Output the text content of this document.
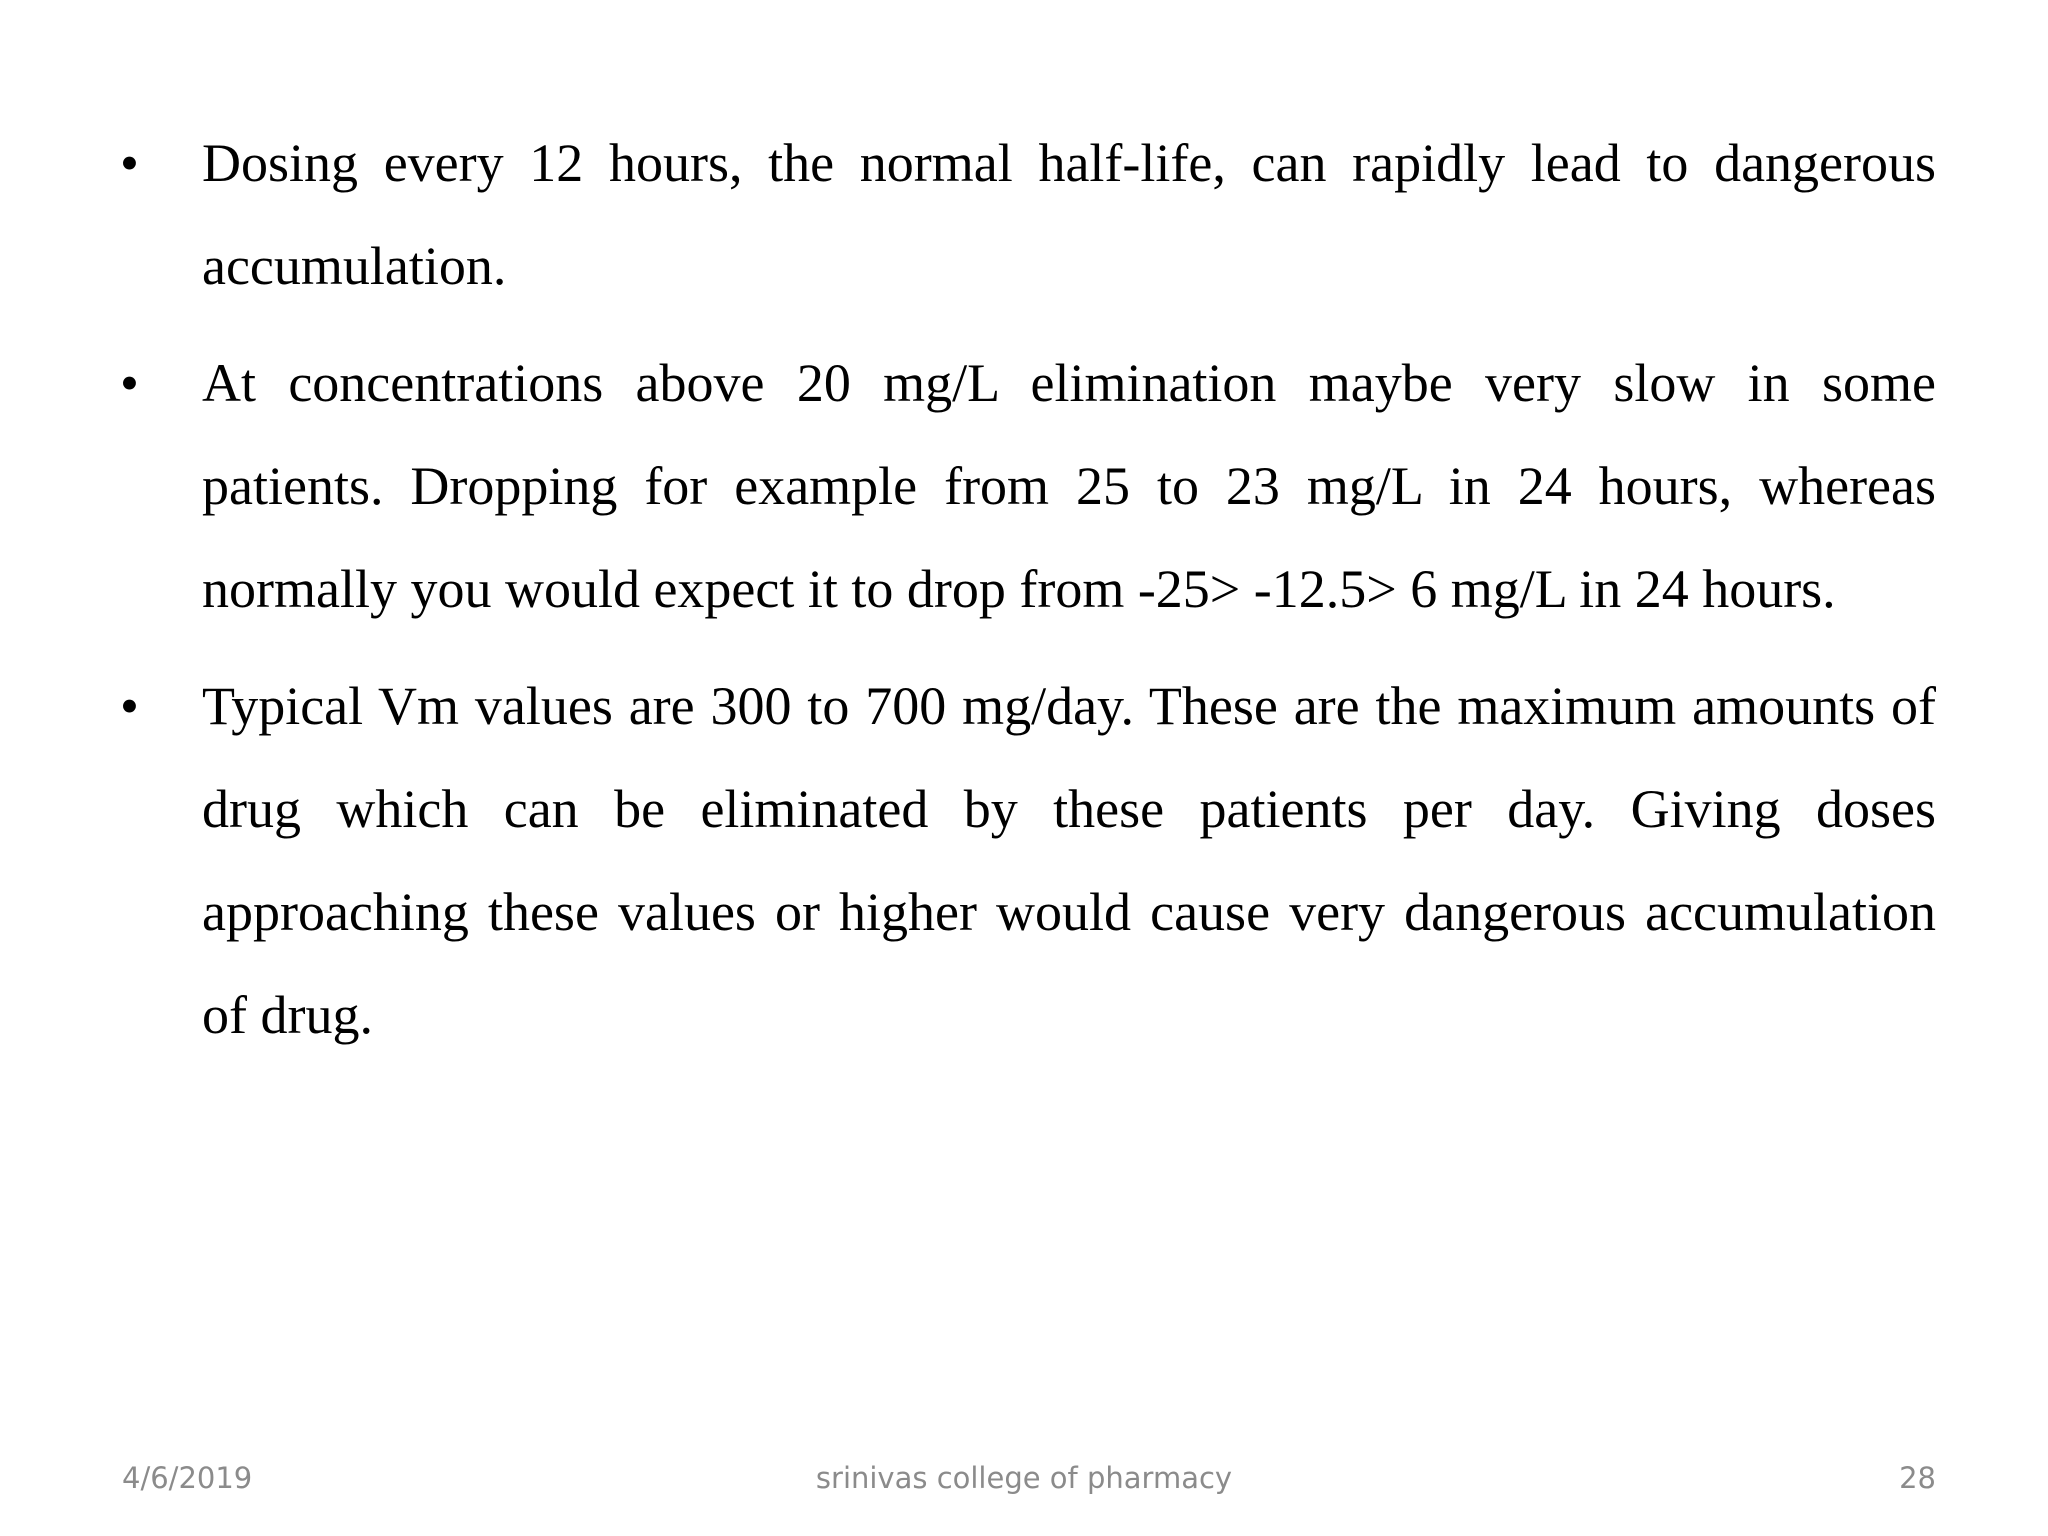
•	Dosing every 12 hours, the normal half-life, can rapidly lead to dangerous accumulation.
•	At concentrations above 20 mg/L elimination maybe very slow in some patients. Dropping for example from 25 to 23 mg/L in 24 hours, whereas normally you would expect it to drop from -25> -12.5> 6 mg/L in 24 hours.
•	Typical Vm values are 300 to 700 mg/day. These are the maximum amounts of drug which can be eliminated by these patients per day. Giving doses approaching these values or higher would cause very dangerous accumulation of drug.
4/6/2019	srinivas college of pharmacy	28
